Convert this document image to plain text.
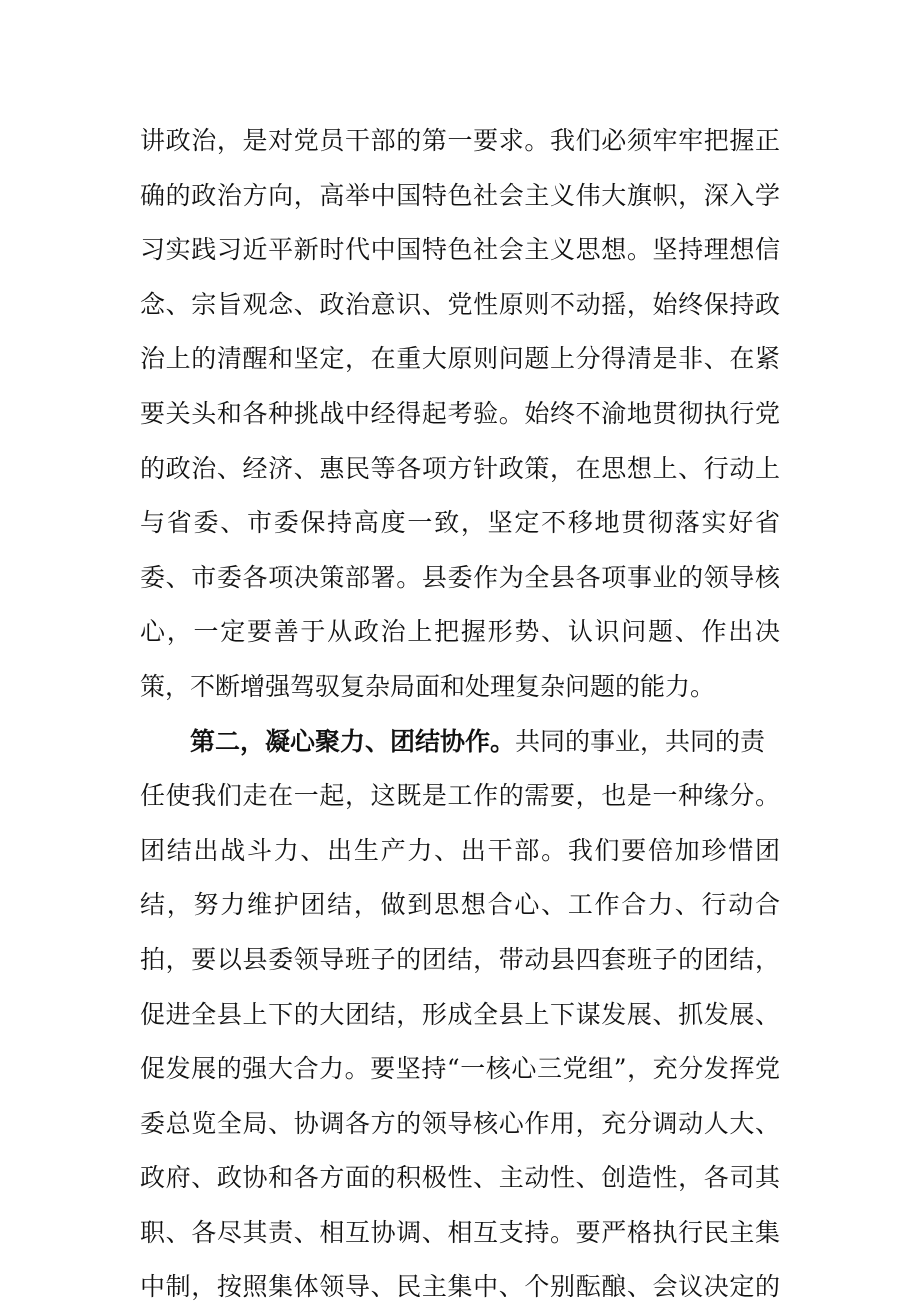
讲政治，是对党员干部的第一要求。我们必须牢牢把握正
确的政治方向，高举中国特色社会主义伟大旗帜，深入学
习实践习近平新时代中国特色社会主义思想。坚持理想信
念、宗旨观念、政治意识、党性原则不动摇，始终保持政
治上的清醒和坚定，在重大原则问题上分得清是非、在紧
要关头和各种挑战中经得起考验。始终不渝地贯彻执行党
的政治、经济、惠民等各项方针政策，在思想上、行动上
与省委、市委保持高度一致，坚定不移地贯彻落实好省
委、市委各项决策部署。县委作为全县各项事业的领导核
心，一定要善于从政治上把握形势、认识问题、作出决
策，不断增强驾驭复杂局面和处理复杂问题的能力。
第二，凝心聚力、团结协作。共同的事业，共同的责
任使我们走在一起，这既是工作的需要，也是一种缘分。
团结出战斗力、出生产力、出干部。我们要倍加珍惜团
结，努力维护团结，做到思想合心、工作合力、行动合
拍，要以县委领导班子的团结，带动县四套班子的团结，
促进全县上下的大团结，形成全县上下谋发展、抓发展、
促发展的强大合力。要坚持“一核心三党组”，充分发挥党
委总览全局、协调各方的领导核心作用，充分调动人大、
政府、政协和各方面的积极性、主动性、创造性，各司其
职、各尽其责、相互协调、相互支持。要严格执行民主集
中制，按照集体领导、民主集中、个别酝酿、会议决定的
